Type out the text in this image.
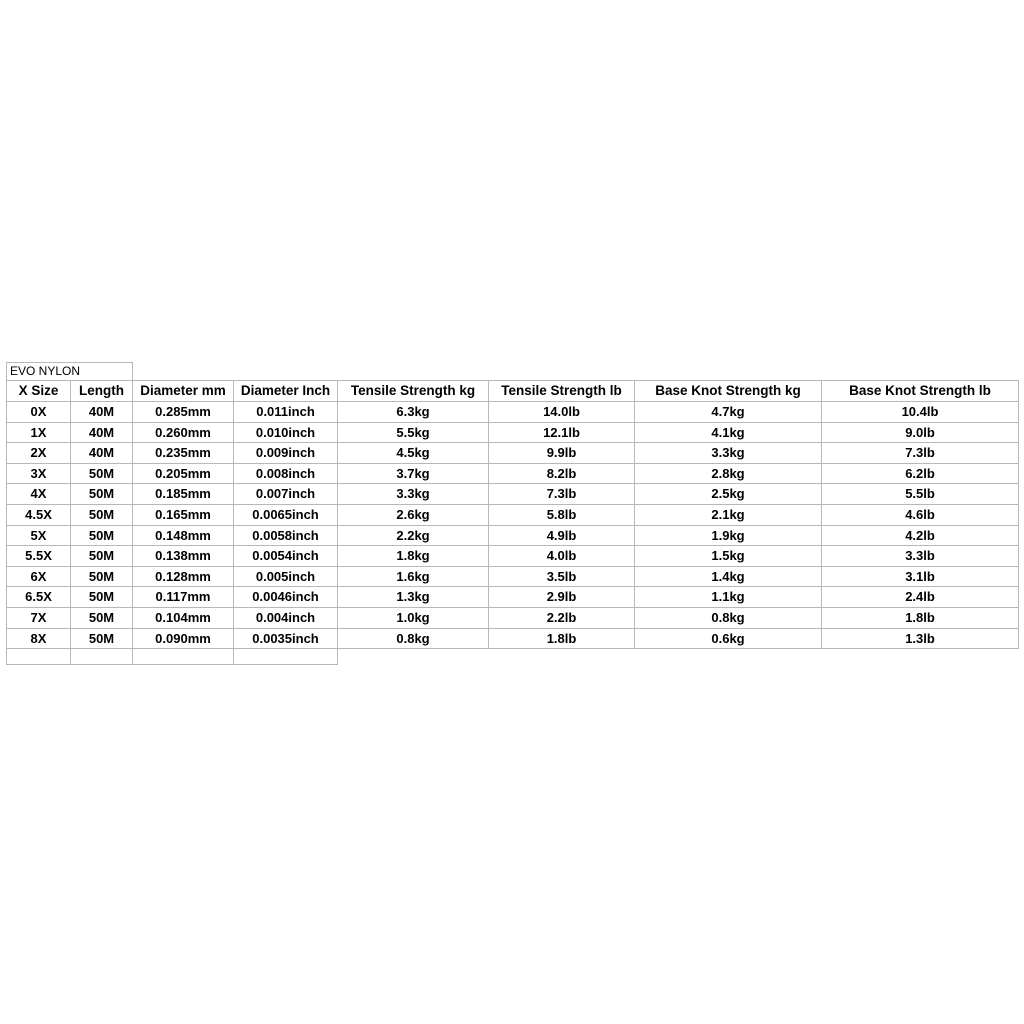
EVO NYLON							
X Size	Length	Diameter mm	Diameter Inch	Tensile Strength kg	Tensile Strength lb	Base Knot Strength kg	Base Knot Strength lb
0X	40M	0.285mm	0.011inch	6.3kg	14.0lb	4.7kg	10.4lb
1X	40M	0.260mm	0.010inch	5.5kg	12.1lb	4.1kg	9.0lb
2X	40M	0.235mm	0.009inch	4.5kg	9.9lb	3.3kg	7.3lb
3X	50M	0.205mm	0.008inch	3.7kg	8.2lb	2.8kg	6.2lb
4X	50M	0.185mm	0.007inch	3.3kg	7.3lb	2.5kg	5.5lb
4.5X	50M	0.165mm	0.0065inch	2.6kg	5.8lb	2.1kg	4.6lb
5X	50M	0.148mm	0.0058inch	2.2kg	4.9lb	1.9kg	4.2lb
5.5X	50M	0.138mm	0.0054inch	1.8kg	4.0lb	1.5kg	3.3lb
6X	50M	0.128mm	0.005inch	1.6kg	3.5lb	1.4kg	3.1lb
6.5X	50M	0.117mm	0.0046inch	1.3kg	2.9lb	1.1kg	2.4lb
7X	50M	0.104mm	0.004inch	1.0kg	2.2lb	0.8kg	1.8lb
8X	50M	0.090mm	0.0035inch	0.8kg	1.8lb	0.6kg	1.3lb
